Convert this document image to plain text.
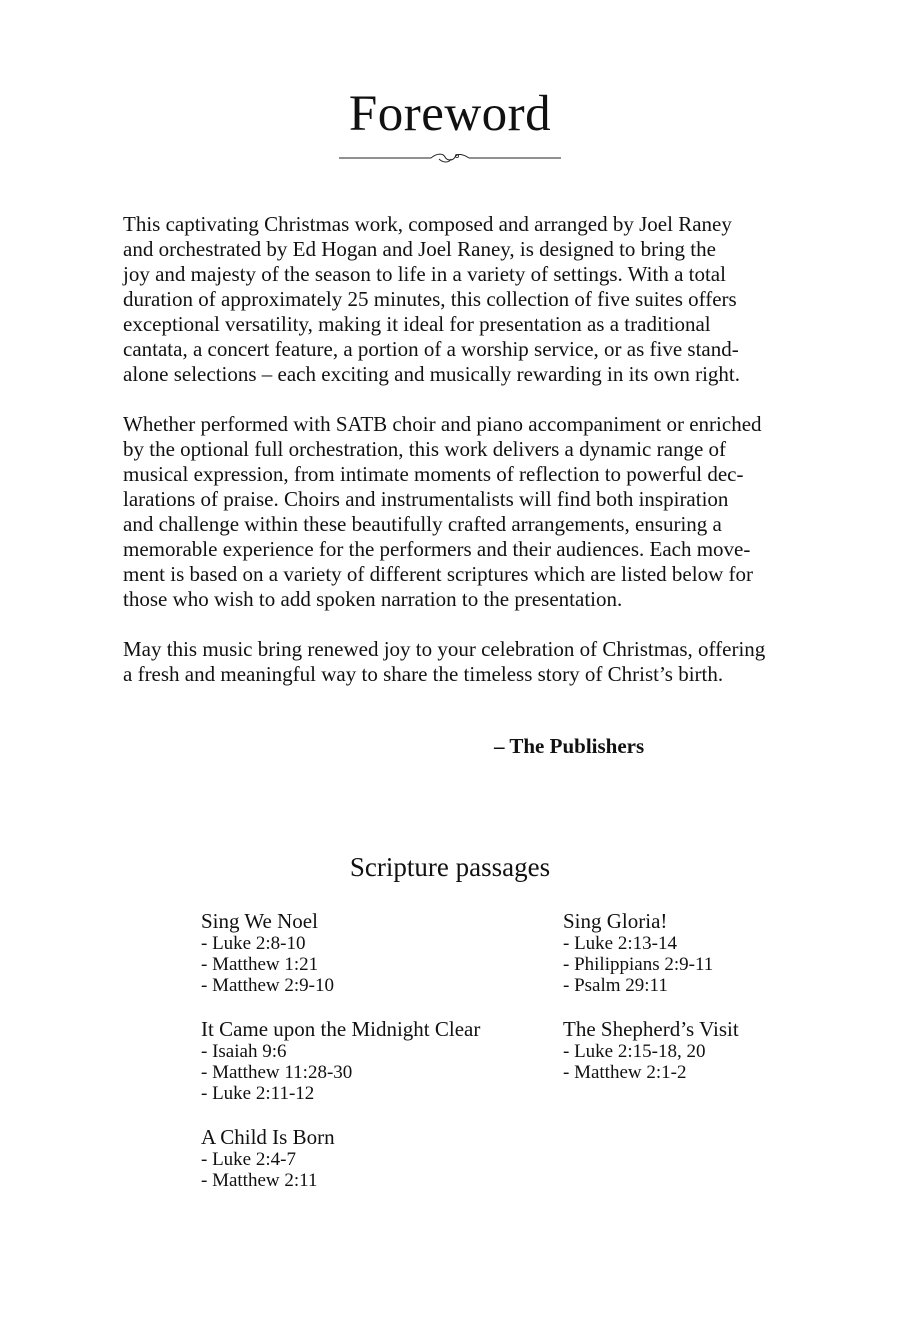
Foreword

This captivating Christmas work, composed and arranged by Joel Raney
and orchestrated by Ed Hogan and Joel Raney, is designed to bring the
joy and majesty of the season to life in a variety of settings. With a total
duration of approximately 25 minutes, this collection of five suites offers
exceptional versatility, making it ideal for presentation as a traditional
cantata, a concert feature, a portion of a worship service, or as five stand-
alone selections – each exciting and musically rewarding in its own right.

Whether performed with SATB choir and piano accompaniment or enriched
by the optional full orchestration, this work delivers a dynamic range of
musical expression, from intimate moments of reflection to powerful dec-
larations of praise. Choirs and instrumentalists will find both inspiration
and challenge within these beautifully crafted arrangements, ensuring a
memorable experience for the performers and their audiences. Each move-
ment is based on a variety of different scriptures which are listed below for
those who wish to add spoken narration to the presentation.

May this music bring renewed joy to your celebration of Christmas, offering
a fresh and meaningful way to share the timeless story of Christ’s birth.

– The Publishers
Scripture passages
Sing We Noel
- Luke 2:8-10
- Matthew 1:21
- Matthew 2:9-10
It Came upon the Midnight Clear
- Isaiah 9:6
- Matthew 11:28-30
- Luke 2:11-12
A Child Is Born
- Luke 2:4-7
- Matthew 2:11
Sing Gloria!
- Luke 2:13-14
- Philippians 2:9-11
- Psalm 29:11
The Shepherd’s Visit
- Luke 2:15-18, 20
- Matthew 2:1-2
